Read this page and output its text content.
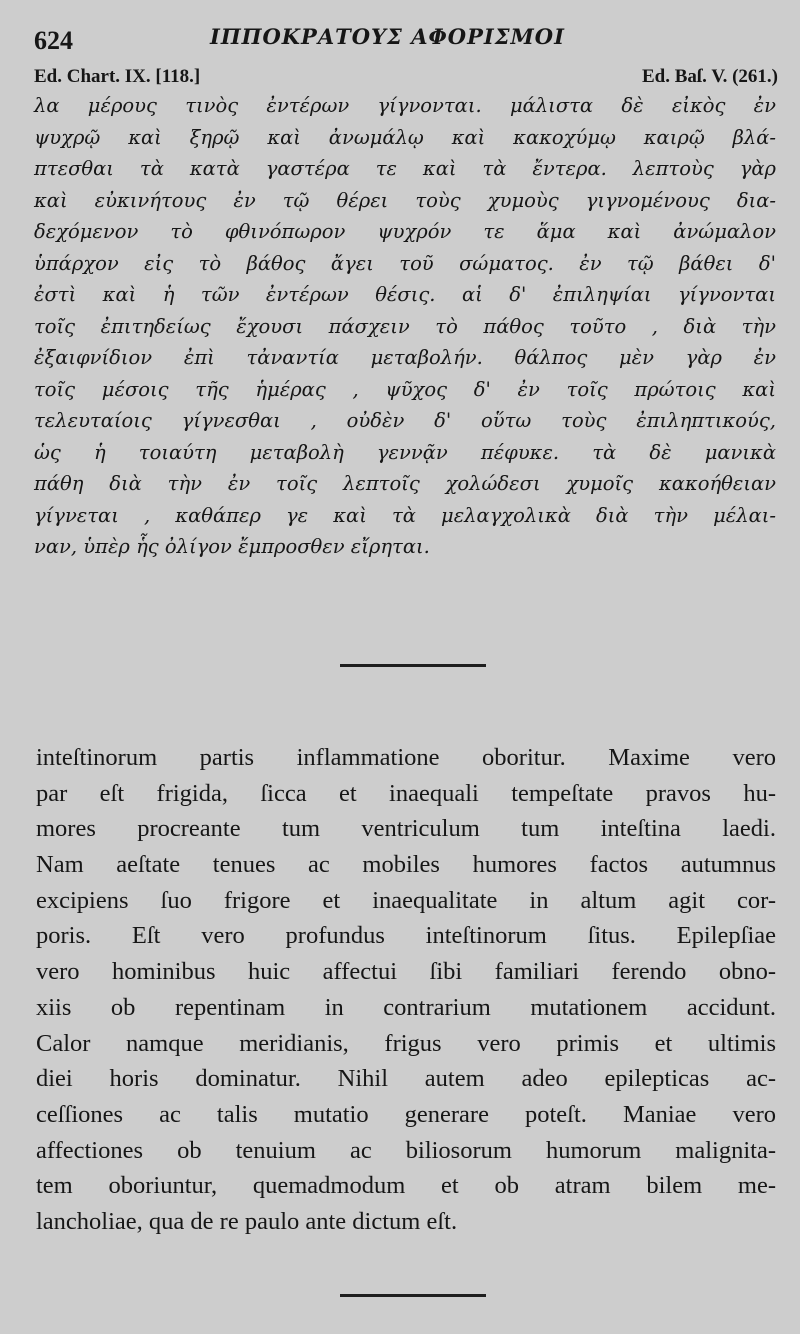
624	ΙΠΠΟΚΡΑΤΟΥΣ ΑΦΟΡΙΣΜΟΙ
Ed. Chart. IX. [118.]	Ed. Baſ. V. (261.)
λα μέρους τινὸς ἐντέρων γίγνονται. μάλιστα δὲ εἰκὸς ἐν
ψυχρῷ καὶ ξηρῷ καὶ ἀνωμάλῳ καὶ κακοχύμῳ καιρῷ βλά-
πτεσθαι τὰ κατὰ γαστέρα τε καὶ τὰ ἔντερα. λεπτοὺς γὰρ
καὶ εὐκινήτους ἐν τῷ θέρει τοὺς χυμοὺς γιγνομένους δια-
δεχόμενον τὸ φθινόπωρον ψυχρόν τε ἅμα καὶ ἀνώμαλον
ὑπάρχον εἰς τὸ βάθος ἄγει τοῦ σώματος. ἐν τῷ βάθει δ'
ἐστὶ καὶ ἡ τῶν ἐντέρων θέσις. αἱ δ' ἐπιληψίαι γίγνονται
τοῖς ἐπιτηδείως ἔχουσι πάσχειν τὸ πάθος τοῦτο , διὰ τὴν
ἐξαιφνίδιον ἐπὶ τἀναντία μεταβολήν. θάλπος μὲν γὰρ ἐν
τοῖς μέσοις τῆς ἡμέρας , ψῦχος δ' ἐν τοῖς πρώτοις καὶ
τελευταίοις γίγνεσθαι , οὐδὲν δ' οὕτω τοὺς ἐπιληπτικούς,
ὡς ἡ τοιαύτη μεταβολὴ γεννᾷν πέφυκε. τὰ δὲ μανικὰ
πάθη διὰ τὴν ἐν τοῖς λεπτοῖς χολώδεσι χυμοῖς κακοήθειαν
γίγνεται , καθάπερ γε καὶ τὰ μελαγχολικὰ διὰ τὴν μέλαι-
ναν, ὑπὲρ ἧς ὀλίγον ἔμπροσθεν εἴρηται.
inteſtinorum partis inflammatione oboritur. Maxime vero
par eſt frigida, ſicca et inaequali tempeſtate pravos hu-
mores procreante tum ventriculum tum inteſtina laedi.
Nam aeſtate tenues ac mobiles humores factos autumnus
excipiens ſuo frigore et inaequalitate in altum agit cor-
poris. Eſt vero profundus inteſtinorum ſitus. Epilepſiae
vero hominibus huic affectui ſibi familiari ferendo obno-
xiis ob repentinam in contrarium mutationem accidunt.
Calor namque meridianis, frigus vero primis et ultimis
diei horis dominatur. Nihil autem adeo epilepticas ac-
ceſſiones ac talis mutatio generare poteſt. Maniae vero
affectiones ob tenuium ac biliosorum humorum malignita-
tem oboriuntur, quemadmodum et ob atram bilem me-
lancholiae, qua de re paulo ante dictum eſt.
